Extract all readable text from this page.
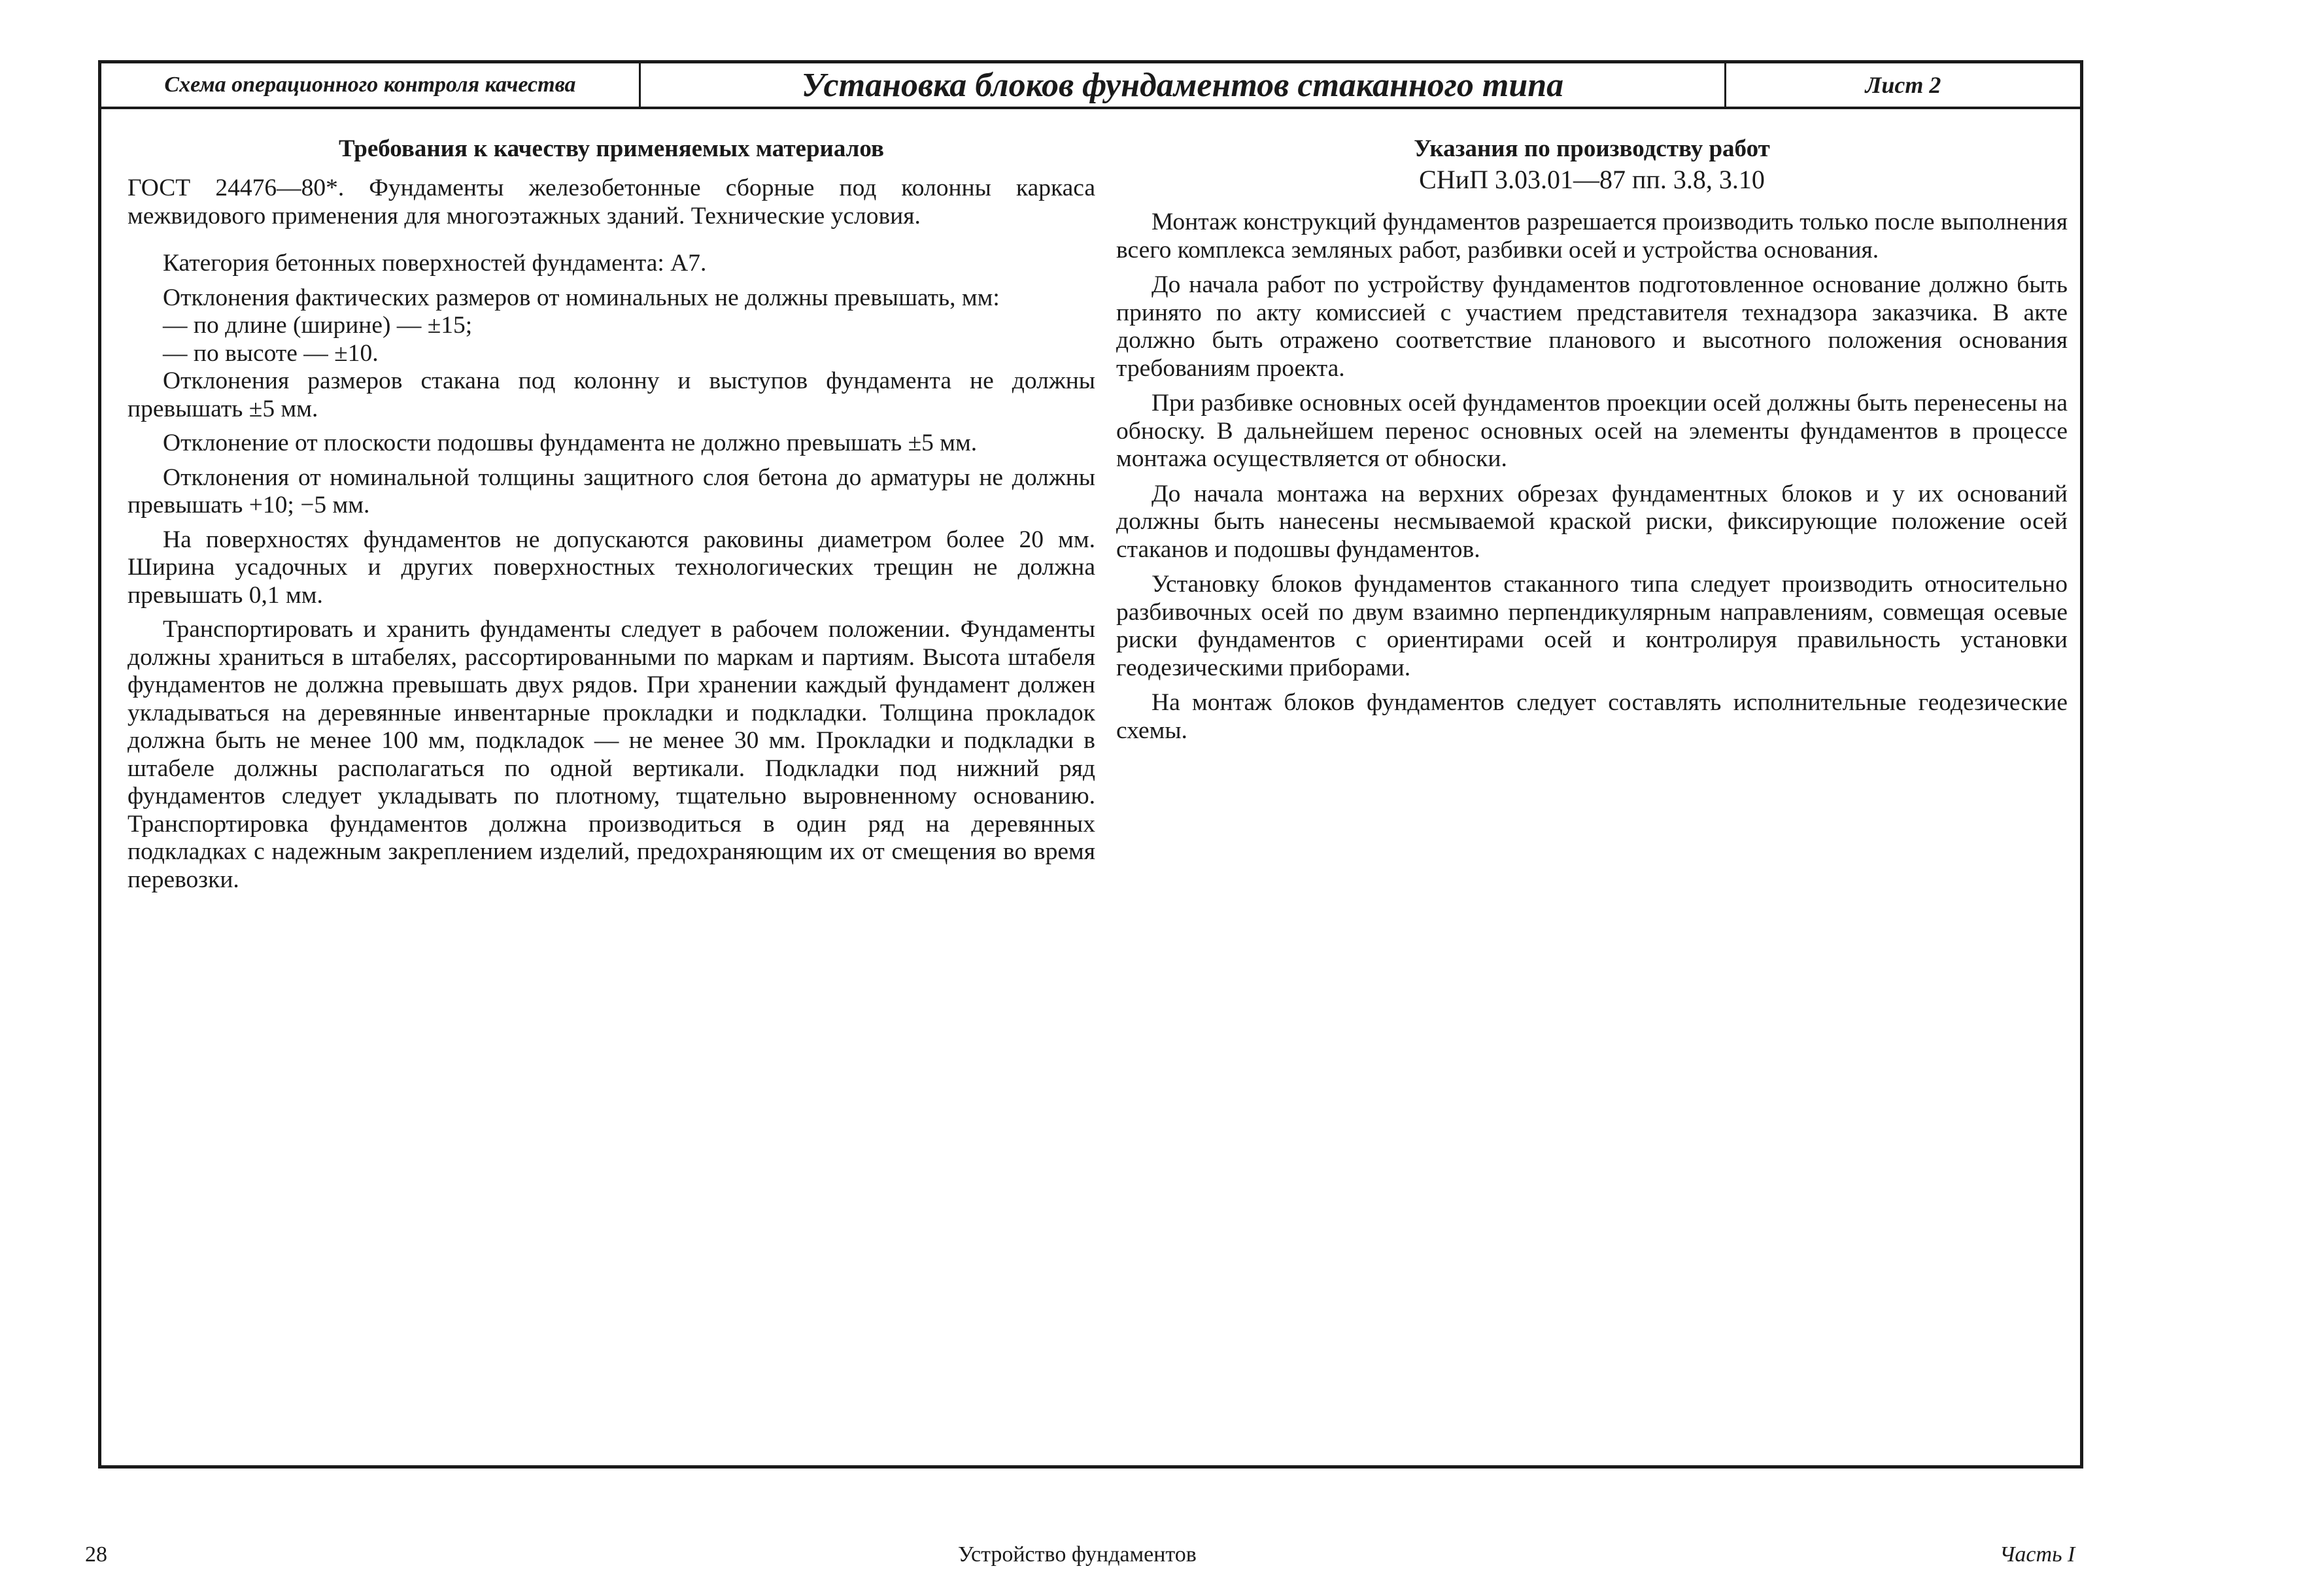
Схема операционного контроля качества	Установка блоков фундаментов стаканного типа	Лист 2
Требования к качеству применяемых материалов

ГОСТ 24476—80*. Фундаменты железобетонные сборные под колонны каркаса межвидового применения для многоэтажных зданий. Технические условия.

Категория бетонных поверхностей фундамента: А7.

Отклонения фактических размеров от номинальных не должны превышать, мм:

— по длине (ширине) — ±15;

— по высоте — ±10.

Отклонения размеров стакана под колонну и выступов фундамента не должны превышать ±5 мм.

Отклонение от плоскости подошвы фундамента не должно превышать ±5 мм.

Отклонения от номинальной толщины защитного слоя бетона до арматуры не должны превышать +10; −5 мм.

На поверхностях фундаментов не допускаются раковины диаметром более 20 мм. Ширина усадочных и других поверхностных технологических трещин не должна превышать 0,1 мм.

Транспортировать и хранить фундаменты следует в рабочем положении. Фундаменты должны храниться в штабелях, рассортированными по маркам и партиям. Высота штабеля фундаментов не должна превышать двух рядов. При хранении каждый фундамент должен укладываться на деревянные инвентарные прокладки и подкладки. Толщина прокладок должна быть не менее 100 мм, подкладок — не менее 30 мм. Прокладки и подкладки в штабеле должны располагаться по одной вертикали. Подкладки под нижний ряд фундаментов следует укладывать по плотному, тщательно выровненному основанию. Транспортировка фундаментов должна производиться в один ряд на деревянных подкладках с надежным закреплением изделий, предохраняющим их от смещения во время перевозки.

Указания по производству работ
СНиП 3.03.01—87 пп. 3.8, 3.10

Монтаж конструкций фундаментов разрешается производить только после выполнения всего комплекса земляных работ, разбивки осей и устройства основания.

До начала работ по устройству фундаментов подготовленное основание должно быть принято по акту комиссией с участием представителя технадзора заказчика. В акте должно быть отражено соответствие планового и высотного положения основания требованиям проекта.

При разбивке основных осей фундаментов проекции осей должны быть перенесены на обноску. В дальнейшем перенос основных осей на элементы фундаментов в процессе монтажа осуществляется от обноски.

До начала монтажа на верхних обрезах фундаментных блоков и у их оснований должны быть нанесены несмываемой краской риски, фиксирующие положение осей стаканов и подошвы фундаментов.

Установку блоков фундаментов стаканного типа следует производить относительно разбивочных осей по двум взаимно перпендикулярным направлениям, совмещая осевые риски фундаментов с ориентирами осей и контролируя правильность установки геодезическими приборами.

На монтаж блоков фундаментов следует составлять исполнительные геодезические схемы.

28	Устройство фундаментов	Часть I
